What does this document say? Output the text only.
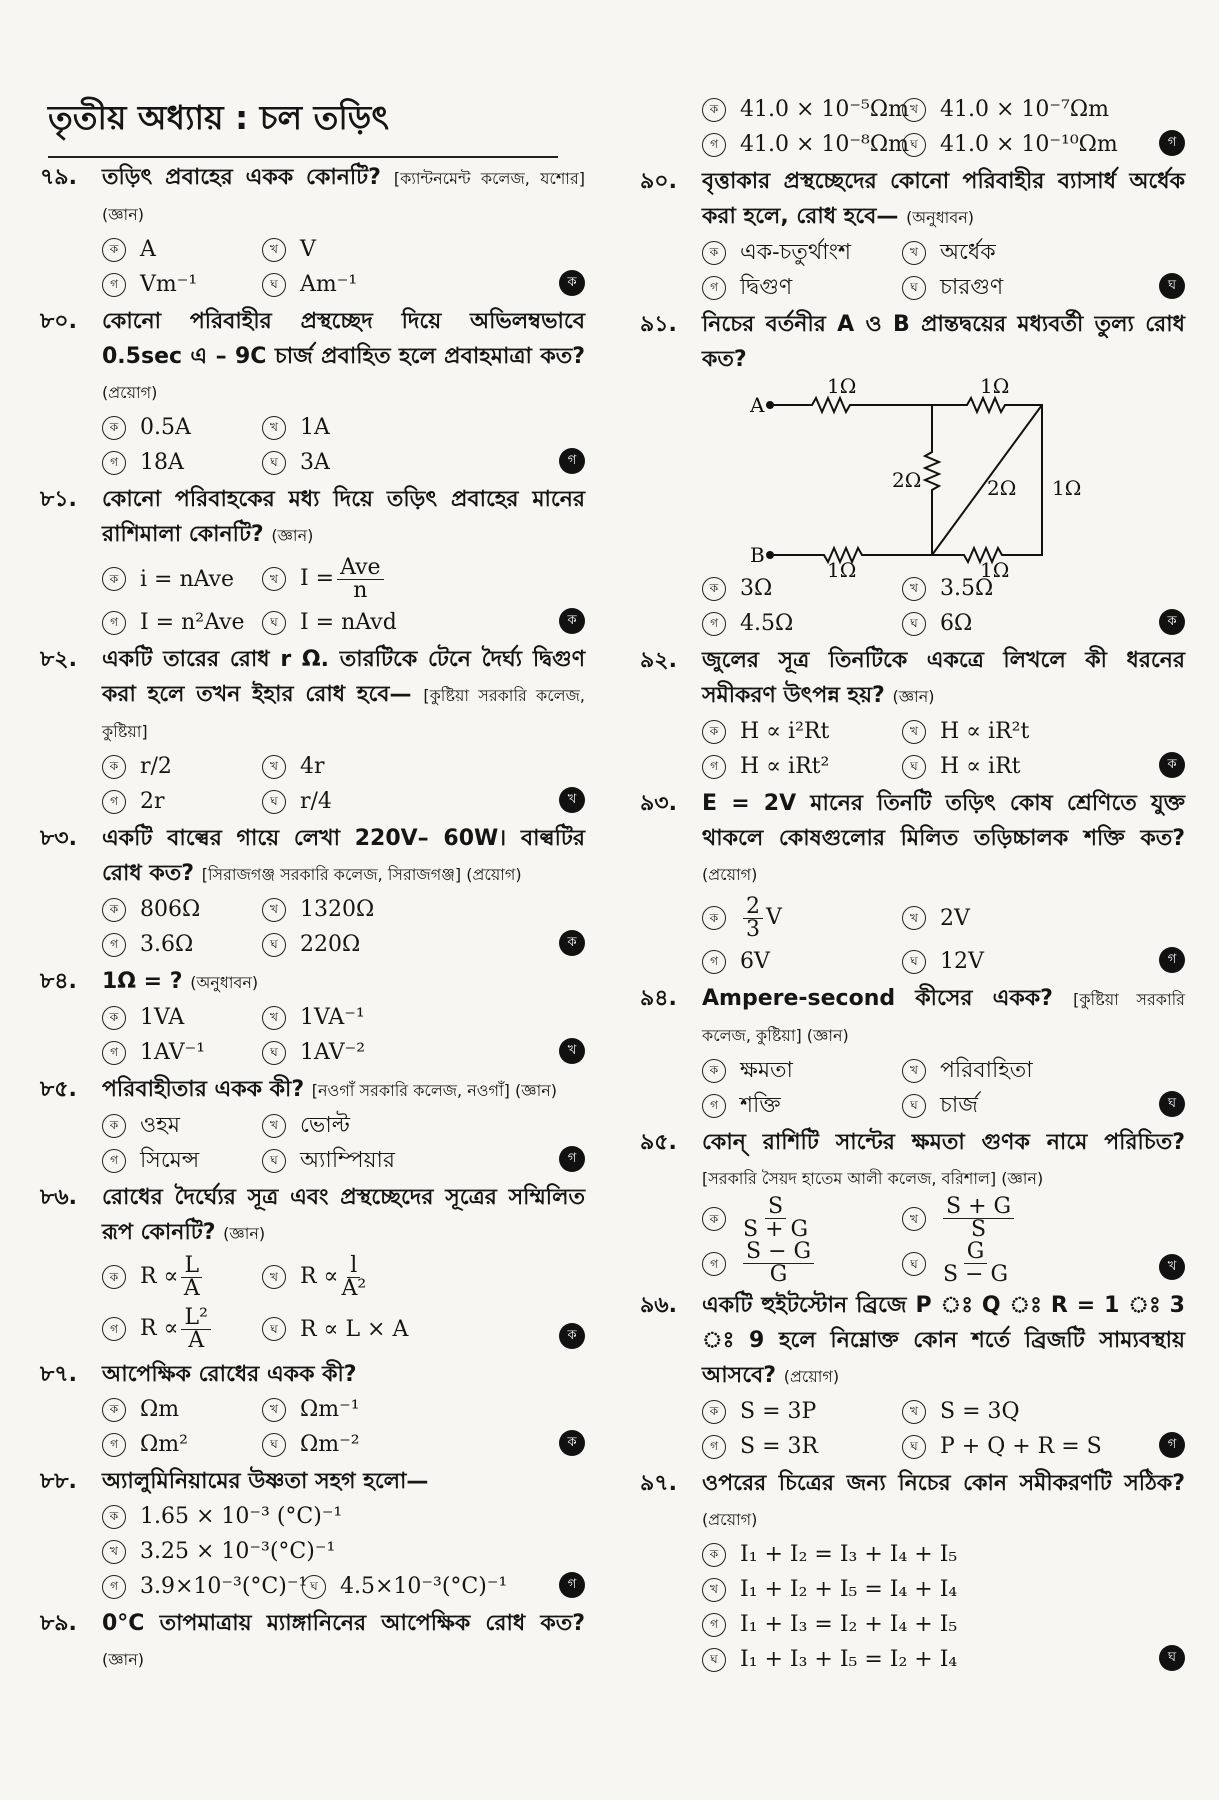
তৃতীয় অধ্যায় : চল তড়িৎ
৭৯.	তড়িৎ প্রবাহের একক কোনটি? [ক্যান্টনমেন্ট কলেজ, যশোর] (জ্ঞান)
ক A	খ	V
গ	Vm⁻¹	ঘ	Am⁻¹	ক
৮০.	কোনো পরিবাহীর প্রস্থচ্ছেদ দিয়ে অভিলম্বভাবে 0.5sec এ – 9C চার্জ প্রবাহিত হলে প্রবাহমাত্রা কত? (প্রয়োগ)
ক 0.5A	খ	1A
গ	18A	ঘ	3A	গ
৮১.	কোনো পরিবাহকের মধ্য দিয়ে তড়িৎ প্রবাহের মানের রাশিমালা কোনটি? (জ্ঞান)
ক i = nAve	খ	$I = \frac{\text{Ave}}{n}$
গ	I = n²Ave	ঘ	I = nAvd	ক
৮২.	একটি তারের রোধ r Ω. তারটিকে টেনে দৈর্ঘ্য দ্বিগুণ করা হলে তখন ইহার রোধ হবে— [কুষ্টিয়া সরকারি কলেজ, কুষ্টিয়া]
ক r/2	খ	4r
গ	2r	ঘ	r/4	খ
৮৩.	একটি বাল্বের গায়ে লেখা 220V– 60W। বাল্বটির রোধ কত? [সিরাজগঞ্জ সরকারি কলেজ, সিরাজগঞ্জ] (প্রয়োগ)
ক 806Ω	খ	1320Ω
গ	3.6Ω	ঘ	220Ω	ক
৮৪.	1Ω = ? (অনুধাবন)
ক 1VA	খ	1VA⁻¹
গ	1AV⁻¹	ঘ	1AV⁻²	খ
৮৫.	পরিবাহীতার একক কী? [নওগাঁ সরকারি কলেজ, নওগাঁ] (জ্ঞান)
ক ওহম	খ	ভোল্ট
গ	সিমেন্স	ঘ	অ্যাম্পিয়ার	গ
৮৬.	রোধের দৈর্ঘ্যের সূত্র এবং প্রস্থচ্ছেদের সূত্রের সম্মিলিত রূপ কোনটি? (জ্ঞান)
ক $R \propto \frac{L}{A}$	খ	$R \propto \frac{l}{\text{A²}}$
গ	$R \propto \frac{\text{L²}}{A}$	ঘ	R ∝ L × A	ক
৮৭.	আপেক্ষিক রোধের একক কী?
ক Ωm	খ	Ωm⁻¹
গ	Ωm²	ঘ	Ωm⁻²	ক
৮৮.	অ্যালুমিনিয়ামের উষ্ণতা সহগ হলো—
ক 1.65 × 10⁻³ (°C)⁻¹
খ	3.25 × 10⁻³(°C)⁻¹
গ	3.9×10⁻³(°C)⁻¹ ঘ	4.5×10⁻³(°C)⁻¹	গ
৮৯.	0°C তাপমাত্রায় ম্যাঙ্গানিনের আপেক্ষিক রোধ কত? (জ্ঞান)
ক 41.0 × 10⁻⁵Ωm খ	41.0 × 10⁻⁷Ωm
গ	41.0 × 10⁻⁸Ωm ঘ	41.0 × 10⁻¹⁰Ωm	গ
৯০.	বৃত্তাকার প্রস্থচ্ছেদের কোনো পরিবাহীর ব্যাসার্ধ অর্ধেক করা হলে, রোধ হবে— (অনুধাবন)
ক এক-চতুর্থাংশ	খ	অর্ধেক
গ	দ্বিগুণ	ঘ	চারগুণ	ঘ
৯১.	নিচের বর্তনীর A ও B প্রান্তদ্বয়ের মধ্যবর্তী তুল্য রোধ কত?
A
B
1Ω	1Ω
2Ω	2Ω 1Ω
1Ω	1Ω
ক 3Ω	খ	3.5Ω
গ	4.5Ω	ঘ	6Ω	ক
৯২.	জুলের সূত্র তিনটিকে একত্রে লিখলে কী ধরনের সমীকরণ উৎপন্ন হয়? (জ্ঞান)
ক H ∝ i²Rt	খ	H ∝ iR²t
গ	H ∝ iRt²	ঘ	H ∝ iRt	ক
৯৩.	E = 2V মানের তিনটি তড়িৎ কোষ শ্রেণিতে যুক্ত থাকলে কোষগুলোর মিলিত তড়িচ্চালক শক্তি কত? (প্রয়োগ)
ক	$\frac{2}{3}$ V	খ	2V
গ	6V	ঘ	12V	গ
৯৪.	Ampere-second কীসের একক? [কুষ্টিয়া সরকারি কলেজ, কুষ্টিয়া] (জ্ঞান)
ক ক্ষমতা	খ	পরিবাহিতা
গ	শক্তি	ঘ	চার্জ	ঘ
৯৫.	কোন্ রাশিটি সান্টের ক্ষমতা গুণক নামে পরিচিত? [সরকারি সৈয়দ হাতেম আলী কলেজ, বরিশাল] (জ্ঞান)
ক	$\frac{S}{S + G}$	খ	$\frac{S + G}{S}$
গ	$\frac{S - G}{G}$	ঘ	$\frac{G}{S - G}$	খ
৯৬.	একটি হুইটস্টোন ব্রিজে P ঃ Q ঃ R = 1 ঃ 3 ঃ 9 হলে নিম্নোক্ত কোন শর্তে ব্রিজটি সাম্যবস্থায় আসবে? (প্রয়োগ)
ক S = 3P	খ	S = 3Q
গ	S = 3R	ঘ	P + Q + R = S	গ
৯৭.	ওপরের চিত্রের জন্য নিচের কোন সমীকরণটি সঠিক? (প্রয়োগ)
ক I₁ + I₂ = I₃ + I₄ + I₅
খ	I₁ + I₂ + I₅ = I₄ + I₄
গ	I₁ + I₃ = I₂ + I₄ + I₅
ঘ	I₁ + I₃ + I₅ = I₂ + I₄	ঘ
